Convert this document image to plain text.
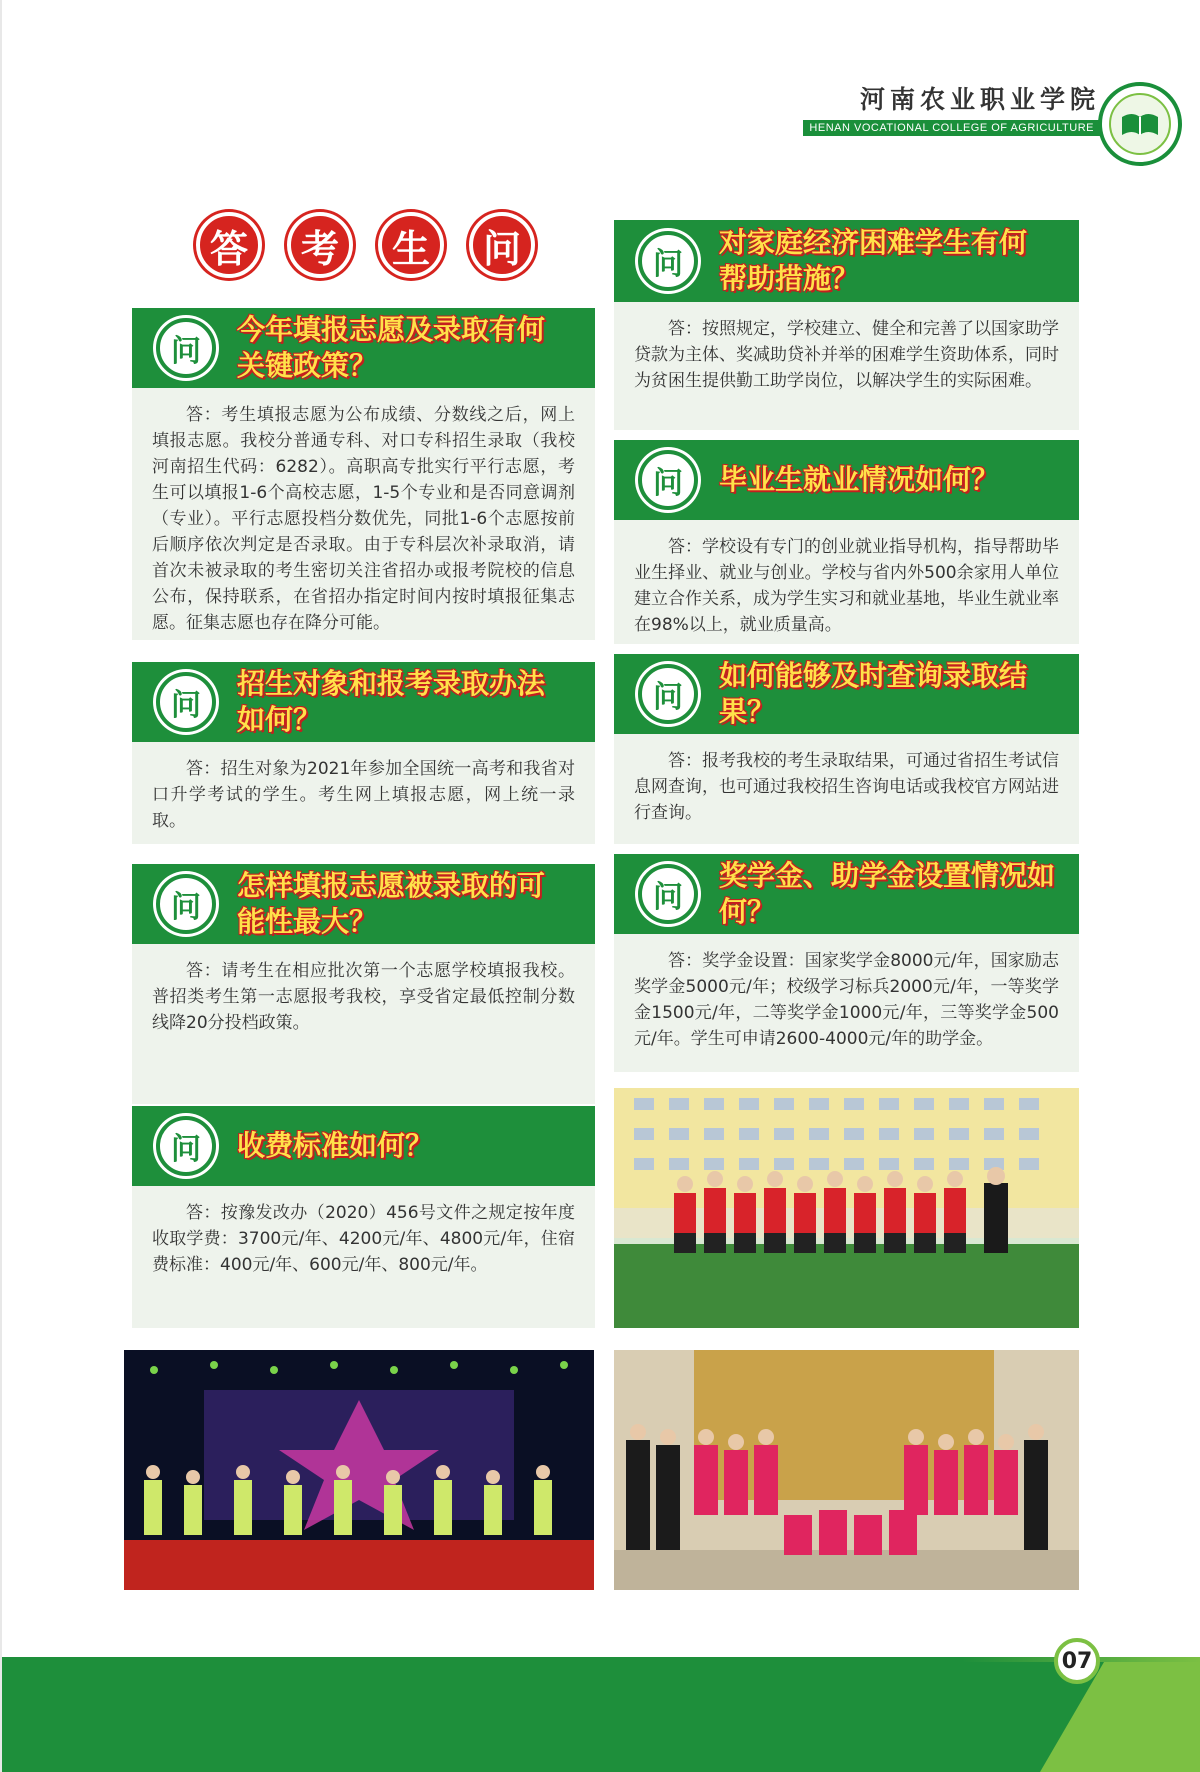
河南农业职业学院
HENAN VOCATIONAL COLLEGE OF AGRICULTURE
答	考	生	问
问
今年填报志愿及录取有何
关键政策？
答：考生填报志愿为公布成绩、分数线之后，网上填报志愿。我校分普通专科、对口专科招生录取（我校河南招生代码：6282）。高职高专批实行平行志愿，考生可以填报1-6个高校志愿，1-5个专业和是否同意调剂（专业）。平行志愿投档分数优先，同批1-6个志愿按前后顺序依次判定是否录取。由于专科层次补录取消，请首次未被录取的考生密切关注省招办或报考院校的信息公布，保持联系，在省招办指定时间内按时填报征集志愿。征集志愿也存在降分可能。
问
招生对象和报考录取办法
如何？
答：招生对象为2021年参加全国统一高考和我省对口升学考试的学生。考生网上填报志愿，网上统一录取。
问
怎样填报志愿被录取的可
能性最大？
答：请考生在相应批次第一个志愿学校填报我校。普招类考生第一志愿报考我校，享受省定最低控制分数线降20分投档政策。
问	收费标准如何？
答：按豫发改办（2020）456号文件之规定按年度收取学费：3700元/年、4200元/年、4800元/年，住宿费标准：400元/年、600元/年、800元/年。
问
对家庭经济困难学生有何
帮助措施？
答：按照规定，学校建立、健全和完善了以国家助学贷款为主体、奖减助贷补并举的困难学生资助体系，同时为贫困生提供勤工助学岗位，以解决学生的实际困难。
问	毕业生就业情况如何？
答：学校设有专门的创业就业指导机构，指导帮助毕业生择业、就业与创业。学校与省内外500余家用人单位建立合作关系，成为学生实习和就业基地，毕业生就业率在98%以上，就业质量高。
问
如何能够及时查询录取结果？
答：报考我校的考生录取结果，可通过省招生考试信息网查询，也可通过我校招生咨询电话或我校官方网站进行查询。
问
奖学金、助学金设置情况如何？
答：奖学金设置：国家奖学金8000元/年，国家励志奖学金5000元/年；校级学习标兵2000元/年，一等奖学金1500元/年，二等奖学金1000元/年，三等奖学金500元/年。学生可申请2600-4000元/年的助学金。
07
